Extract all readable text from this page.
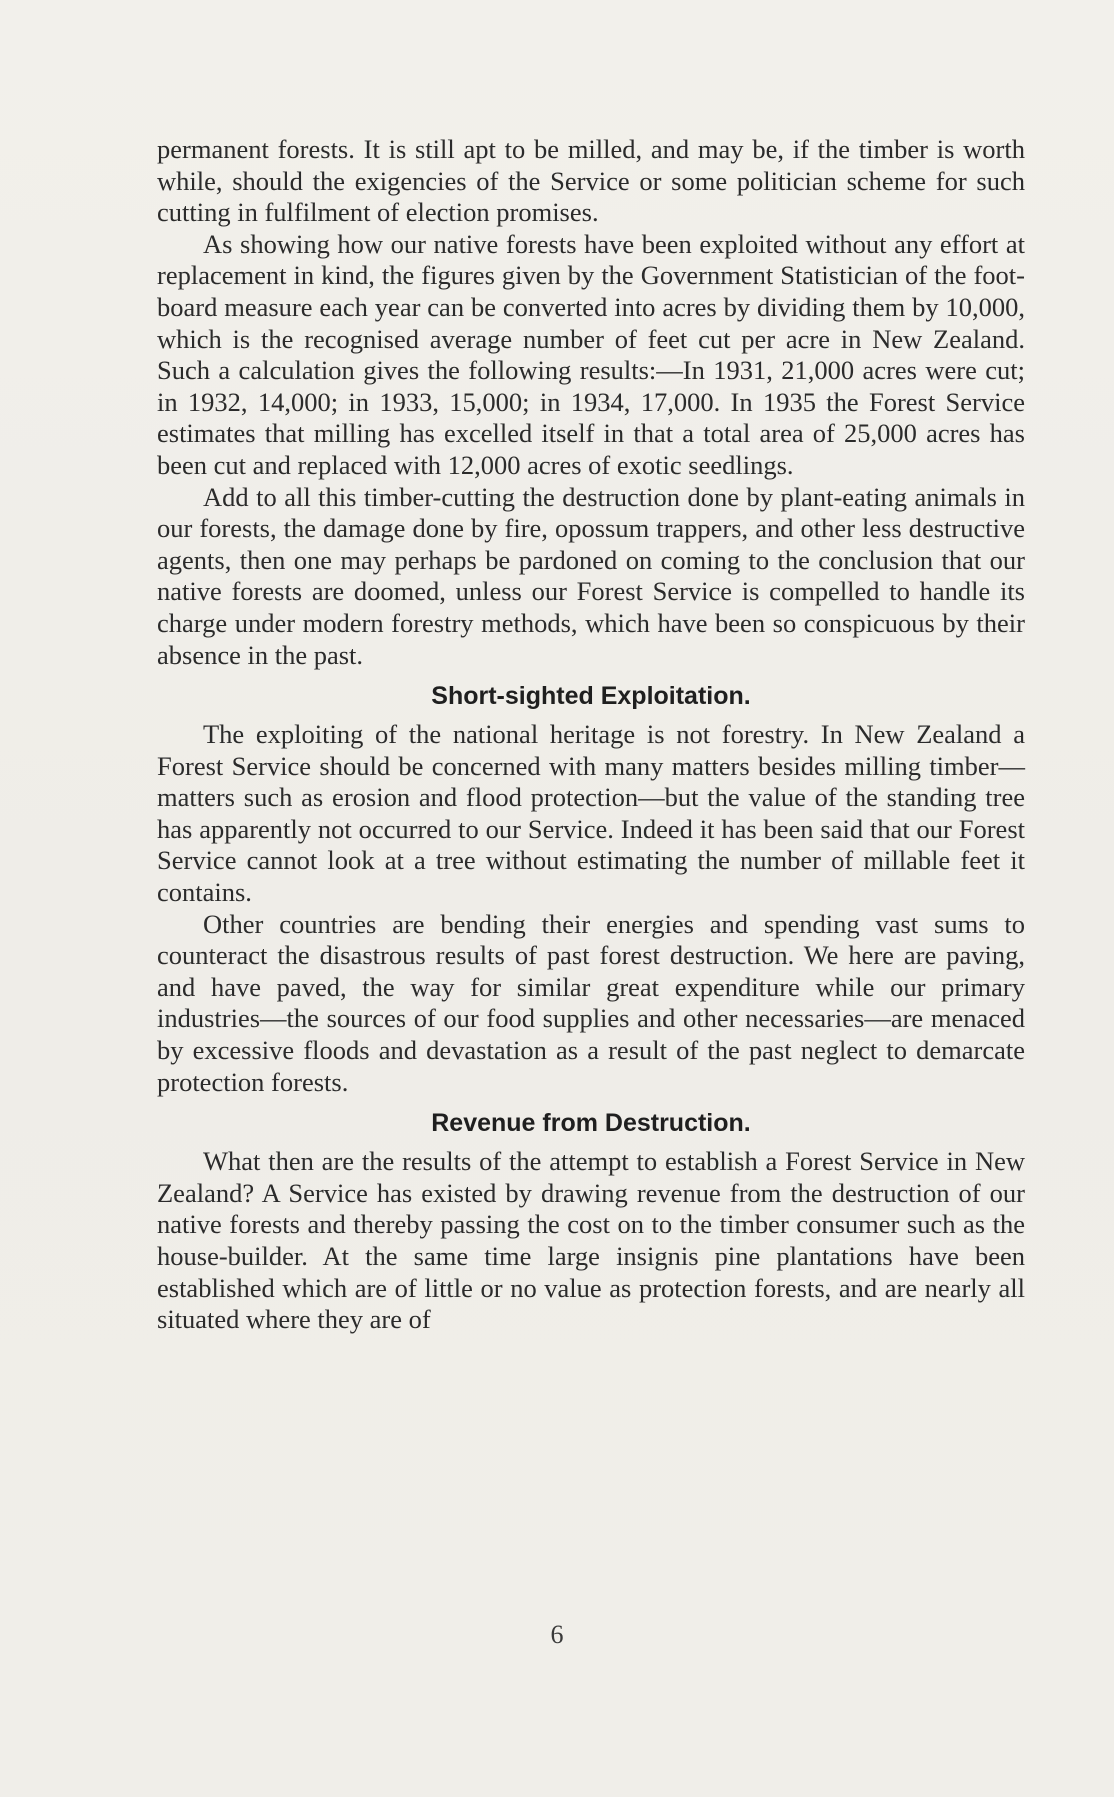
permanent forests. It is still apt to be milled, and may be, if the timber is worth while, should the exigencies of the Service or some politician scheme for such cutting in fulfilment of election promises.

As showing how our native forests have been exploited without any effort at replacement in kind, the figures given by the Government Statistician of the foot-board measure each year can be converted into acres by dividing them by 10,000, which is the recognised average number of feet cut per acre in New Zealand. Such a calculation gives the following results:—In 1931, 21,000 acres were cut; in 1932, 14,000; in 1933, 15,000; in 1934, 17,000. In 1935 the Forest Service estimates that milling has excelled itself in that a total area of 25,000 acres has been cut and replaced with 12,000 acres of exotic seedlings.

Add to all this timber-cutting the destruction done by plant-eating animals in our forests, the damage done by fire, opossum trappers, and other less destructive agents, then one may perhaps be pardoned on coming to the conclusion that our native forests are doomed, unless our Forest Service is compelled to handle its charge under modern forestry methods, which have been so conspicuous by their absence in the past.

Short-sighted Exploitation.

The exploiting of the national heritage is not forestry. In New Zealand a Forest Service should be concerned with many matters besides milling timber—matters such as erosion and flood protection—but the value of the standing tree has apparently not occurred to our Service. Indeed it has been said that our Forest Service cannot look at a tree without estimating the number of millable feet it contains.

Other countries are bending their energies and spending vast sums to counteract the disastrous results of past forest destruction. We here are paving, and have paved, the way for similar great expenditure while our primary industries—the sources of our food supplies and other necessaries—are menaced by excessive floods and devastation as a result of the past neglect to demarcate protection forests.

Revenue from Destruction.

What then are the results of the attempt to establish a Forest Service in New Zealand? A Service has existed by drawing revenue from the destruction of our native forests and thereby passing the cost on to the timber consumer such as the house-builder. At the same time large insignis pine plantations have been established which are of little or no value as protection forests, and are nearly all situated where they are of

6
